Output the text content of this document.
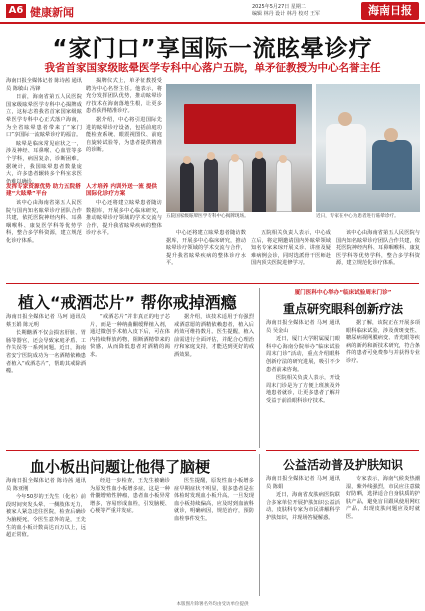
A6 健康新闻	2025年5月27日 星期二
编辑 林丹 设计 林丹 校对 王军	海南日报
“家门口”享国际一流眩晕诊疗
我省首家国家级眩晕医学专科中心落户五院，单矛征教授为中心名誉主任

海南日报全媒体记者 陈诗茜 通讯员 陈敏山 冯锋

日前，海南省第五人民医院国家级眩晕医学专科中心揭牌成立，这标志着我省首家国家级眩晕医学专科中心正式落户海南，为全省眩晕患者带来了“家门口”享国际一流眩晕诊疗的福音。

眩晕是临床常见症状之一，涉及神经、耳鼻喉、心血管等多个学科，病因复杂，诊断困难。据统计，我国眩晕患者数量庞大，许多患者辗转多个科室求医仍难以确诊。

发挥专家资源优势 助力五院搭建“大眩晕”平台

该中心由海南省第五人民医院与国内知名眩晕诊疗团队合作共建，依托医院神经内科、耳鼻咽喉科、康复医学科等优势学科，整合多学科资源，建立规范化诊疗体系。

揭牌仪式上，单矛征教授受聘为中心名誉主任。他表示，将充分发挥团队优势，推动眩晕诊疗技术在海南落地生根，让更多患者获得精准诊疗。

据介绍，中心将引进国际先进的眩晕诊疗设备，包括前庭功能检查系统、眼震视图仪、前庭自旋转试验等，为患者提供精准的诊断。

人才培养 内训外送一流 提供国际化诊疗方案

中心还将建立眩晕患者随访数据库，开展多中心临床研究，推动眩晕诊疗领域的学术交流与合作，提升我省眩晕疾病的整体诊疗水平。

五院国家级眩晕医学专科中心揭牌现场。	近日，专家在中心为患者进行眩晕诊疗。

中心还将建立眩晕患者随访数据库，开展多中心临床研究，推动眩晕诊疗领域的学术交流与合作，提升我省眩晕疾病的整体诊疗水平。

五院相关负责人表示，中心成立后，将定期邀请国内外眩晕领域知名专家来琼开展义诊、讲座及疑难病例会诊，同时选派骨干医师赴国内顶尖医院进修学习。

该中心由海南省第五人民医院与国内知名眩晕诊疗团队合作共建，依托医院神经内科、耳鼻咽喉科、康复医学科等优势学科，整合多学科资源，建立规范化诊疗体系。

植入“戒酒芯片” 帮你戒掉酒瘾

海南日报全媒体记者 马珂 通讯员 蔡玉娟 陈元明

长期酗酒不仅会损害肝脏、胃肠等器官，还会导致家庭矛盾、工作失误等一系列问题。近日，海南省安宁医院成功为一名酒精依赖患者植入“戒酒芯片”，帮助其戒除酒瘾。

“戒酒芯片”并非真正的电子芯片，而是一种纳曲酮缓释植入剂，通过微创手术植入皮下后，可在体内持续释放药物，阻断酒精带来的快感，从而降低患者对酒精的渴求。

据介绍，该技术适用于有强烈戒酒意愿的酒精依赖患者，植入后药效可维持数月。医生提醒，植入前需进行全面评估，并配合心理治疗和家庭支持，才能达到更好的戒酒效果。

厦门医科中心举办“临床试验周末门诊”
重点研究眼科创新疗法

海南日报全媒体记者 马珂 通讯员 吴金山

近日，厦门大学附属厦门眼科中心海南分院举办“临床试验周末门诊”活动，重点介绍眼科创新疗法的研究进展，吸引不少患者前来咨询。

医院相关负责人表示，开设周末门诊是为了方便上班族及外地患者就诊，让更多患者了解并受益于前沿眼科诊疗技术。

据了解，该院正在开展多项眼科临床试验，涉及黄斑变性、糖尿病视网膜病变、青光眼等疾病的新药和新技术研究，符合条件的患者可免费参与并获得专业诊疗。

血小板出问题让他得了脑梗

海南日报全媒体记者 陈诗茜 通讯员 陈亚刚

今年50岁的王先生（化名）前段时间突发头晕、一侧肢体无力，被家人紧急送往医院，检查后确诊为脑梗死。令医生意外的是，王先生的血小板计数高达百万以上，远超正常值。

经进一步检查，王先生被确诊为原发性血小板增多症。这是一种骨髓增殖性肿瘤，患者血小板异常增多，容易形成血栓，引发脑梗、心梗等严重并发症。

医生提醒，原发性血小板增多症早期症状不明显，很多患者是在体检时发现血小板升高。一旦发现血小板持续偏高，应及时到血液科就诊，明确病因，规范治疗，预防血栓事件发生。

公益活动普及护肤知识

海南日报全媒体记者 马珂 通讯员 陈娟

近日，海南省皮肤病医院联合多家单位开展护肤知识公益活动，皮肤科专家为市民讲解科学护肤知识，并现场答疑解惑。

专家表示，海南气候炎热潮湿，紫外线强烈，市民应注意做好防晒，选择适合自身肤质的护肤产品，避免盲目跟风使用网红产品，出现皮肤问题应及时就医。

本版图片除署名外均由受访单位提供
